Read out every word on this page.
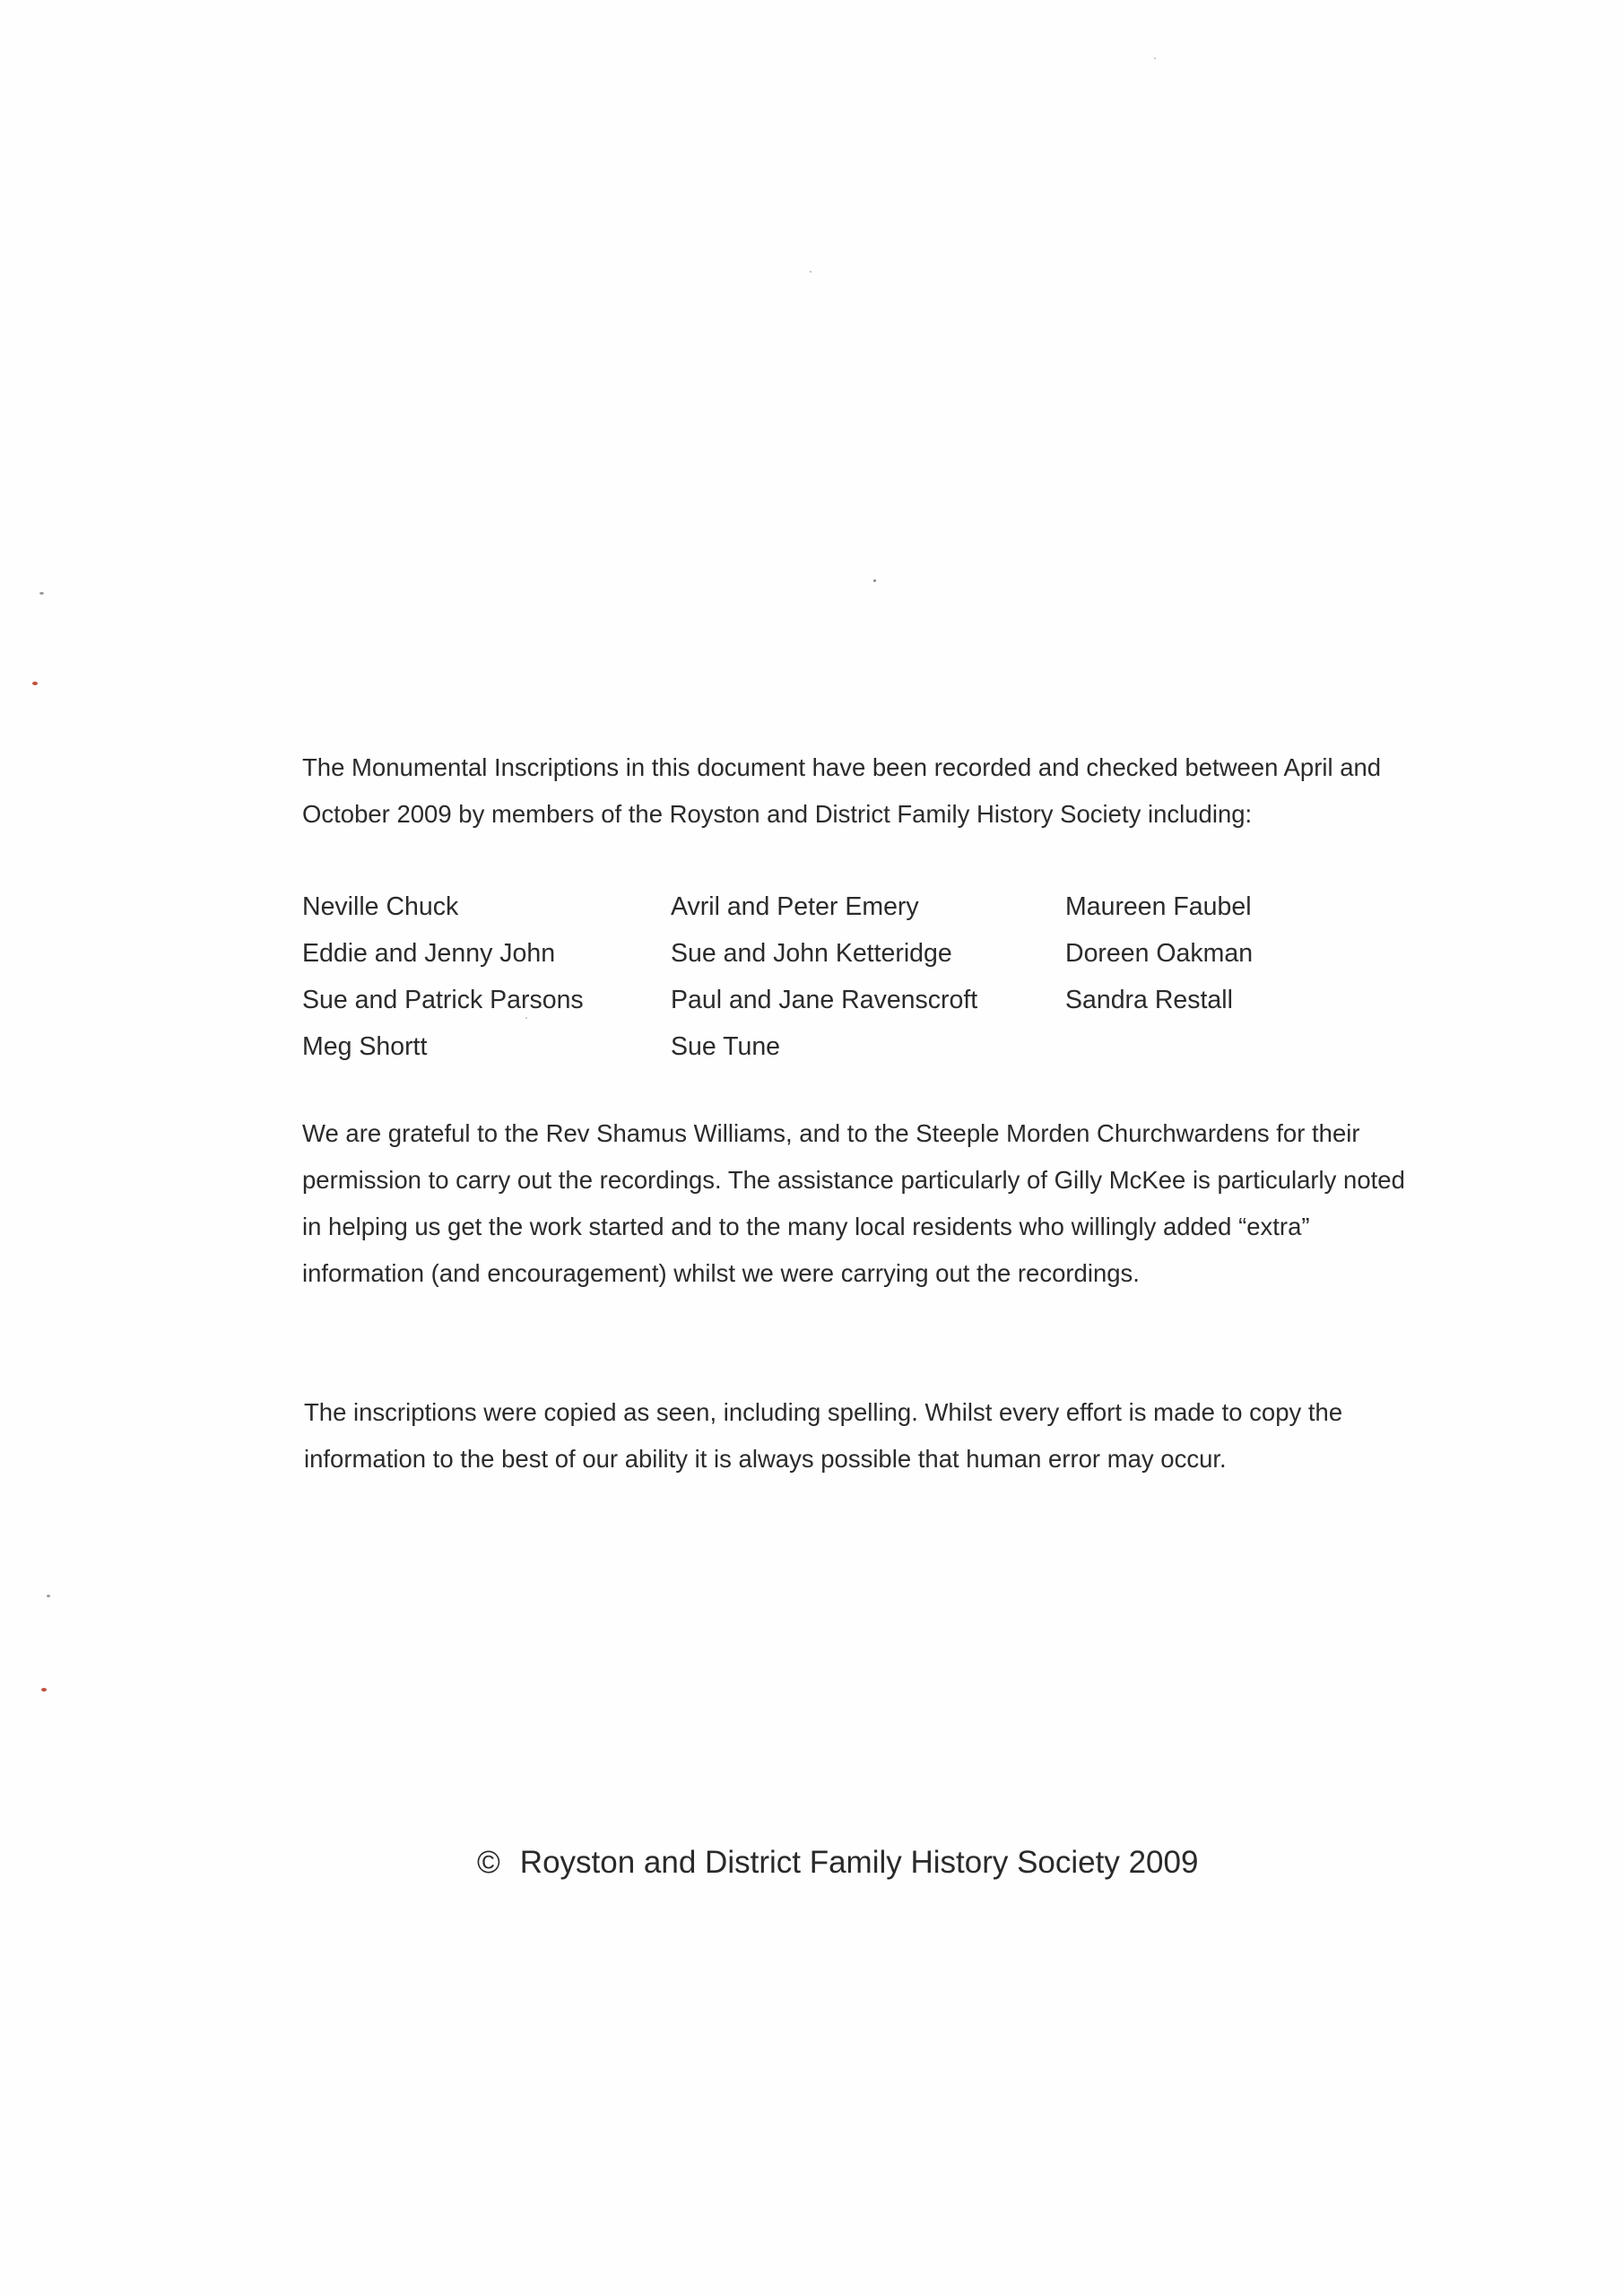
The Monumental Inscriptions in this document have been recorded and checked between April and October 2009 by members of the Royston and District Family History Society including:

Neville Chuck	Avril and Peter Emery	Maureen Faubel
Eddie and Jenny John	Sue and John Ketteridge	Doreen Oakman
Sue and Patrick Parsons	Paul and Jane Ravenscroft	Sandra Restall
Meg Shortt	Sue Tune

We are grateful to the Rev Shamus Williams, and to the Steeple Morden Churchwardens for their permission to carry out the recordings. The assistance particularly of Gilly McKee is particularly noted in helping us get the work started and to the many local residents who willingly added “extra” information (and encouragement) whilst we were carrying out the recordings.

The inscriptions were copied as seen, including spelling. Whilst every effort is made to copy the information to the best of our ability it is always possible that human error may occur.

© Royston and District Family History Society 2009
